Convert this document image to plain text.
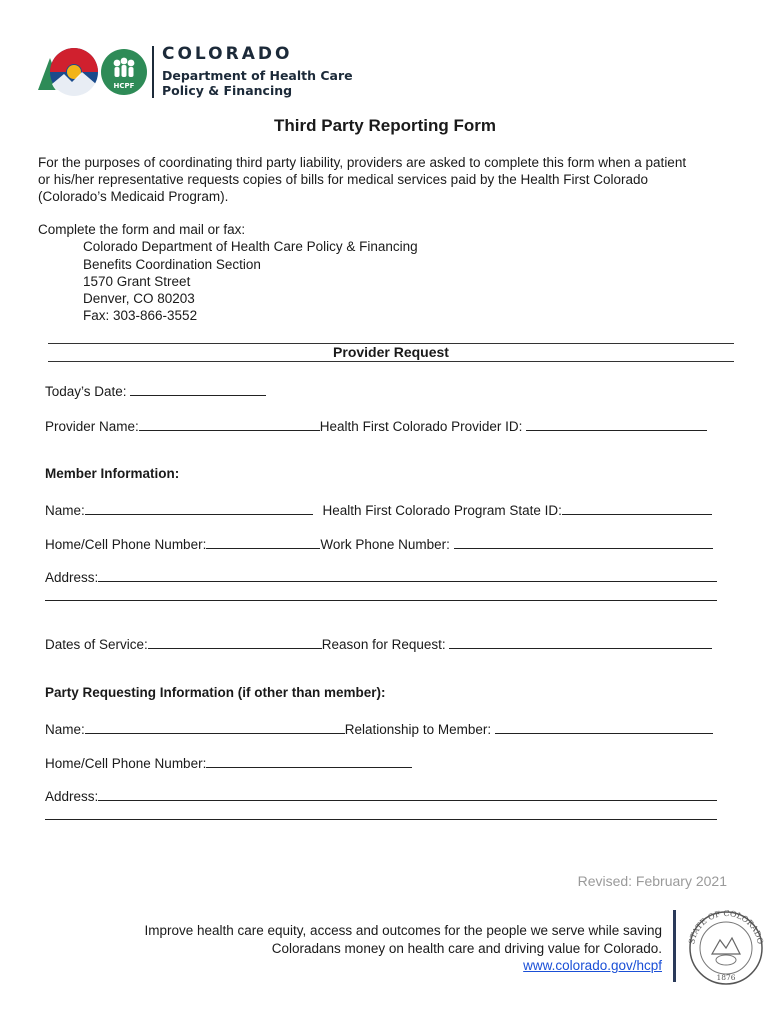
HCPF
COLORADO
Department of Health Care
Policy & Financing
Third Party Reporting Form
For the purposes of coordinating third party liability, providers are asked to complete this form when a patient
or his/her representative requests copies of bills for medical services paid by the Health First Colorado
(Colorado’s Medicaid Program).
Complete the form and mail or fax:
Colorado Department of Health Care Policy & Financing
Benefits Coordination Section
1570 Grant Street
Denver, CO 80203
Fax: 303-866-3552
Provider Request
Today’s Date:
Provider Name:	Health First Colorado Provider ID:
Member Information:
Name:	Health First Colorado Program State ID:
Home/Cell Phone Number:	Work Phone Number:
Address:
Dates of Service:	Reason for Request:
Party Requesting Information (if other than member):
Name:	Relationship to Member:
Home/Cell Phone Number:
Address:
Revised: February 2021
Improve health care equity, access and outcomes for the people we serve while saving
Coloradans money on health care and driving value for Colorado.
www.colorado.gov/hcpf
STATE OF COLORADO
1876
